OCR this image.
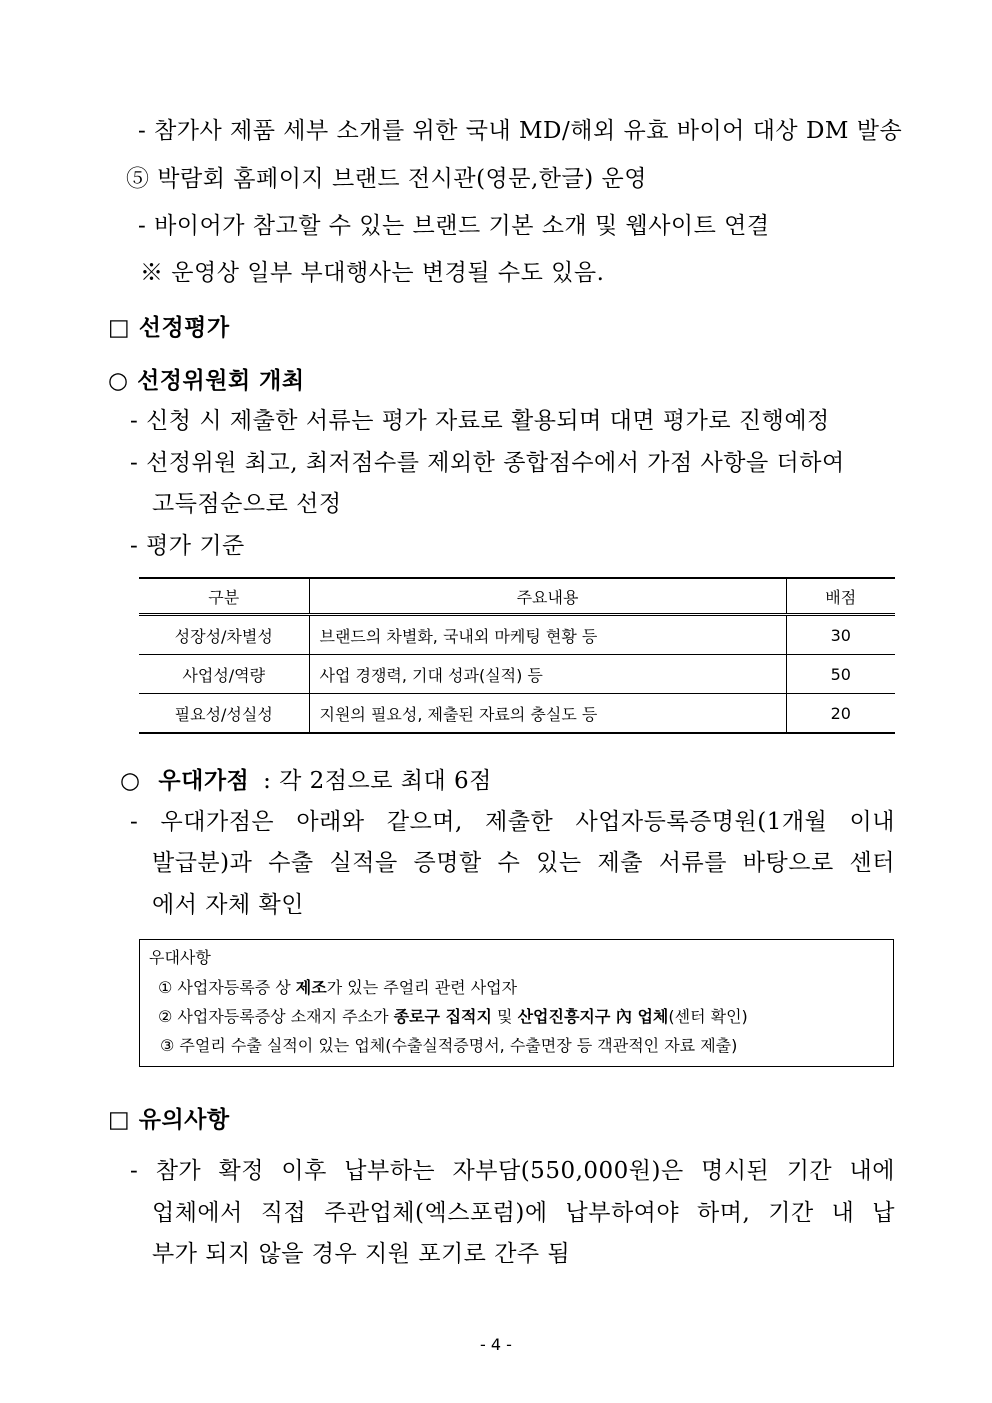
- 참가사 제품 세부 소개를 위한 국내 MD/해외 유효 바이어 대상 DM 발송
⑤ 박람회 홈페이지 브랜드 전시관(영문,한글) 운영
- 바이어가 참고할 수 있는 브랜드 기본 소개 및 웹사이트 연결
※ 운영상 일부 부대행사는 변경될 수도 있음.
□ 선정평가
○ 선정위원회 개최
- 신청 시 제출한 서류는 평가 자료로 활용되며 대면 평가로 진행예정
- 선정위원 최고, 최저점수를 제외한 종합점수에서 가점 사항을 더하여
고득점순으로 선정
- 평가 기준
구분	주요내용	배점
성장성/차별성	브랜드의 차별화, 국내외 마케팅 현황 등	30
사업성/역량	사업 경쟁력, 기대 성과(실적) 등	50
필요성/성실성	지원의 필요성, 제출된 자료의 충실도 등	20
○ 우대가점 : 각 2점으로 최대 6점
- 우대가점은 아래와 같으며, 제출한 사업자등록증명원(1개월 이내
발급분)과 수출 실적을 증명할 수 있는 제출 서류를 바탕으로 센터
에서 자체 확인
우대사항
① 사업자등록증 상 제조가 있는 주얼리 관련 사업자
② 사업자등록증상 소재지 주소가 종로구 집적지 및 산업진흥지구 內 업체(센터 확인)
③ 주얼리 수출 실적이 있는 업체(수출실적증명서, 수출면장 등 객관적인 자료 제출)
□ 유의사항
- 참가 확정 이후 납부하는 자부담(550,000원)은 명시된 기간 내에
업체에서 직접 주관업체(엑스포럼)에 납부하여야 하며, 기간 내 납
부가 되지 않을 경우 지원 포기로 간주 됨
- 4 -
